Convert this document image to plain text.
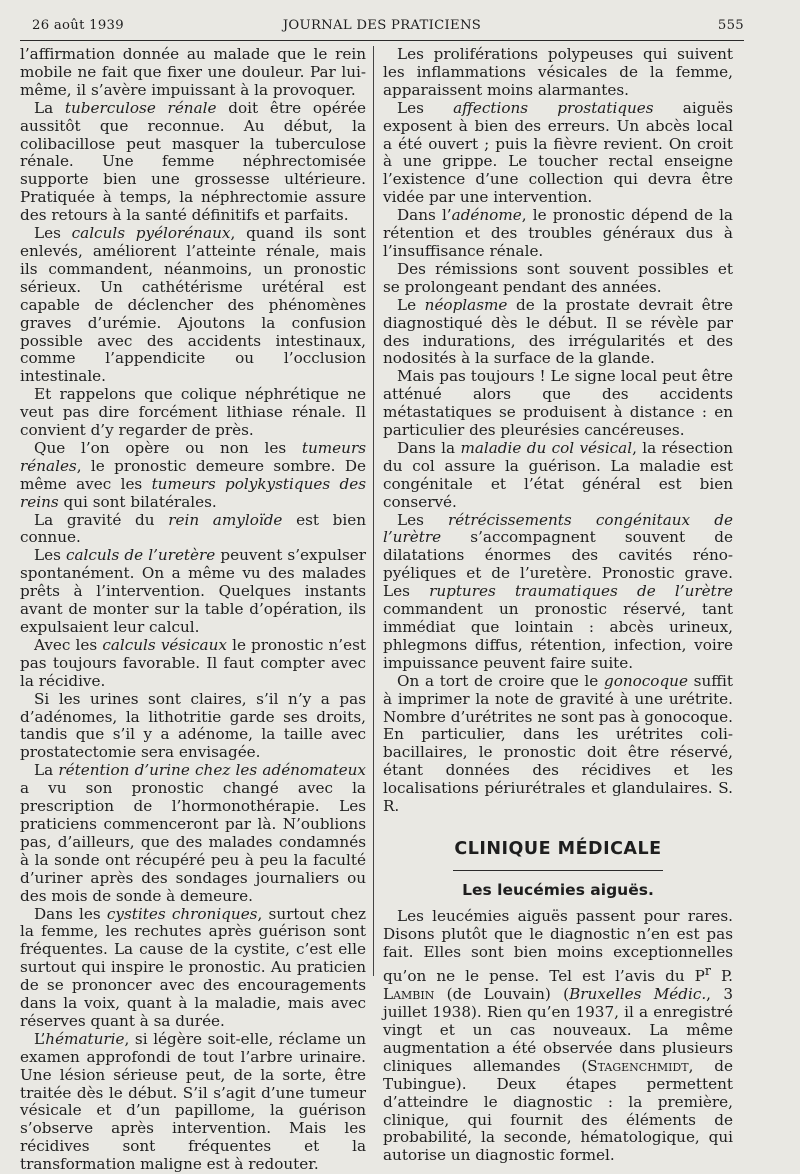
26 août 1939	JOURNAL DES PRATICIENS	555

l’affirmation donnée au malade que le rein mobile ne fait que fixer une douleur. Par lui-même, il s’avère impuissant à la provoquer.

La tuberculose rénale doit être opérée aussitôt que reconnue. Au début, la colibacillose peut masquer la tuberculose rénale. Une femme néphrectomisée supporte bien une grossesse ultérieure. Pratiquée à temps, la néphrectomie assure des retours à la santé définitifs et parfaits.

Les calculs pyélorénaux, quand ils sont enlevés, améliorent l’atteinte rénale, mais ils commandent, néanmoins, un pronostic sérieux. Un cathétérisme urétéral est capable de déclencher des phénomènes graves d’urémie. Ajoutons la confusion possible avec des accidents intestinaux, comme l’appendicite ou l’occlusion intestinale.

Et rappelons que colique néphrétique ne veut pas dire forcément lithiase rénale. Il convient d’y regarder de près.

Que l’on opère ou non les tumeurs rénales, le pronostic demeure sombre. De même avec les tumeurs polykystiques des reins qui sont bilatérales.

La gravité du rein amyloïde est bien connue.

Les calculs de l’uretère peuvent s’expulser spontanément. On a même vu des malades prêts à l’intervention. Quelques instants avant de monter sur la table d’opération, ils expulsaient leur calcul.

Avec les calculs vésicaux le pronostic n’est pas toujours favorable. Il faut compter avec la récidive.

Si les urines sont claires, s’il n’y a pas d’adénomes, la lithotritie garde ses droits, tandis que s’il y a adénome, la taille avec prostatectomie sera envisagée.

La rétention d’urine chez les adénomateux a vu son pronostic changé avec la prescription de l’hormonothérapie. Les praticiens commenceront par là. N’oublions pas, d’ailleurs, que des malades condamnés à la sonde ont récupéré peu à peu la faculté d’uriner après des sondages journaliers ou des mois de sonde à demeure.

Dans les cystites chroniques, surtout chez la femme, les rechutes après guérison sont fréquentes. La cause de la cystite, c’est elle surtout qui inspire le pronostic. Au praticien de se prononcer avec des encouragements dans la voix, quant à la maladie, mais avec réserves quant à sa durée.

L’hématurie, si légère soit-elle, réclame un examen approfondi de tout l’arbre urinaire. Une lésion sérieuse peut, de la sorte, être traitée dès le début. S’il s’agit d’une tumeur vésicale et d’un papillome, la guérison s’observe après intervention. Mais les récidives sont fréquentes et la transformation maligne est à redouter.

Les proliférations polypeuses qui suivent les inflammations vésicales de la femme, apparaissent moins alarmantes.

Les affections prostatiques aiguës exposent à bien des erreurs. Un abcès local a été ouvert ; puis la fièvre revient. On croit à une grippe. Le toucher rectal enseigne l’existence d’une collection qui devra être vidée par une intervention.

Dans l’adénome, le pronostic dépend de la rétention et des troubles généraux dus à l’insuffisance rénale.

Des rémissions sont souvent possibles et se prolongeant pendant des années.

Le néoplasme de la prostate devrait être diagnostiqué dès le début. Il se révèle par des indurations, des irrégularités et des nodosités à la surface de la glande.

Mais pas toujours ! Le signe local peut être atténué alors que des accidents métastatiques se produisent à distance : en particulier des pleurésies cancéreuses.

Dans la maladie du col vésical, la résection du col assure la guérison. La maladie est congénitale et l’état général est bien conservé.

Les rétrécissements congénitaux de l’urètre s’accompagnent souvent de dilatations énormes des cavités réno-pyéliques et de l’uretère. Pronostic grave. Les ruptures traumatiques de l’urètre commandent un pronostic réservé, tant immédiat que lointain : abcès urineux, phlegmons diffus, rétention, infection, voire impuissance peuvent faire suite.

On a tort de croire que le gonocoque suffit à imprimer la note de gravité à une urétrite. Nombre d’urétrites ne sont pas à gonocoque. En particulier, dans les urétrites coli-bacillaires, le pronostic doit être réservé, étant données des récidives et les localisations périurétrales et glandulaires. S. R.

CLINIQUE MÉDICALE
Les leucémies aiguës.

Les leucémies aiguës passent pour rares. Disons plutôt que le diagnostic n’en est pas fait. Elles sont bien moins exceptionnelles qu’on ne le pense. Tel est l’avis du $P^r$ P. Lambin (de Louvain) (Bruxelles Médic., 3 juillet 1938). Rien qu’en 1937, il a enregistré vingt et un cas nouveaux. La même augmentation a été observée dans plusieurs cliniques allemandes (Stagenchmidt, de Tubingue). Deux étapes permettent d’atteindre le diagnostic : la première, clinique, qui fournit des éléments de probabilité, la seconde, hématologique, qui autorise un diagnostic formel.
